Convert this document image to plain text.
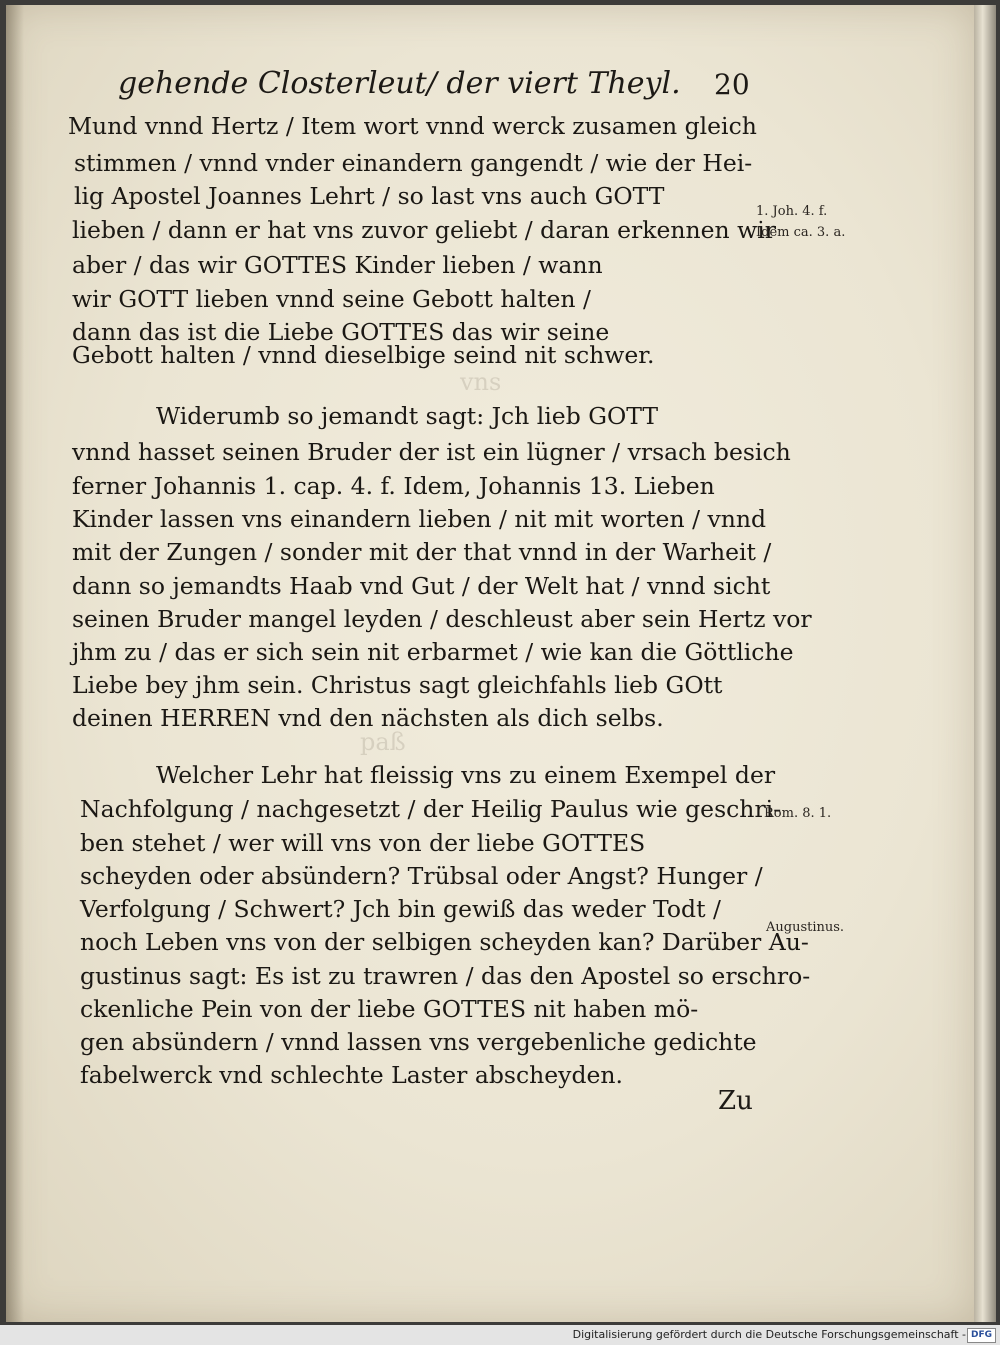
vns
paß
gehende Closterleut/ der viert Theyl. 20
Mund vnnd Hertz / Item wort vnnd werck zusamen gleich
stimmen / vnnd vnder einandern gangendt / wie der Hei-
lig Apostel Joannes Lehrt / so last vns auch GOTT
lieben / dann er hat vns zuvor geliebt / daran erkennen wir
aber / das wir GOTTES Kinder lieben / wann
wir GOTT lieben vnnd seine Gebott halten /
dann das ist die Liebe GOTTES das wir seine
Gebott halten / vnnd dieselbige seind nit schwer.
Widerumb so jemandt sagt: Jch lieb GOTT
vnnd hasset seinen Bruder der ist ein lügner / vrsach besich
ferner Johannis 1. cap. 4. f. Idem, Johannis 13. Lieben
Kinder lassen vns einandern lieben / nit mit worten / vnnd
mit der Zungen / sonder mit der that vnnd in der Warheit /
dann so jemandts Haab vnd Gut / der Welt hat / vnnd sicht
seinen Bruder mangel leyden / deschleust aber sein Hertz vor
jhm zu / das er sich sein nit erbarmet / wie kan die Göttliche
Liebe bey jhm sein. Christus sagt gleichfahls lieb GOtt
deinen HERREN vnd den nächsten als dich selbs.
Welcher Lehr hat fleissig vns zu einem Exempel der
Nachfolgung / nachgesetzt / der Heilig Paulus wie geschri-
ben stehet / wer will vns von der liebe GOTTES
scheyden oder absündern? Trübsal oder Angst? Hunger /
Verfolgung / Schwert? Jch bin gewiß das weder Todt /
noch Leben vns von der selbigen scheyden kan? Darüber Au-
gustinus sagt: Es ist zu trawren / das den Apostel so erschro-
ckenliche Pein von der liebe GOTTES nit haben mö-
gen absündern / vnnd lassen vns vergebenliche gedichte
fabelwerck vnd schlechte Laster abscheyden.
1. Joh. 4. f.
Idem ca. 3. a.
Rom. 8. 1.
Augustinus.
Zu
Digitalisierung gefördert durch die Deutsche Forschungsgemeinschaft - DFG
